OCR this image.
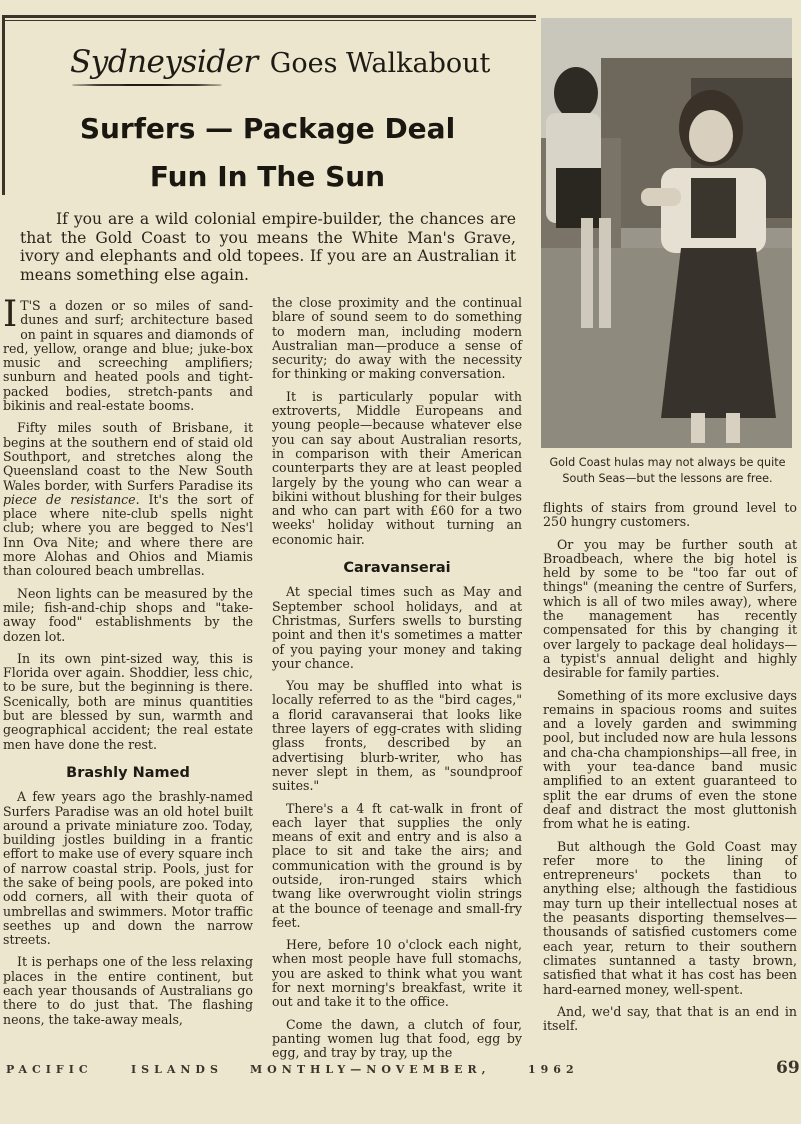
Sydneysider Goes Walkabout
Surfers — Package Deal
Fun In The Sun
If you are a wild colonial empire-builder, the chances are that the Gold Coast to you means the White Man's Grave, ivory and elephants and old topees. If you are an Australian it means something else again.

I T'S a dozen or so miles of sand-dunes and surf; architecture based on paint in squares and diamonds of red, yellow, orange and blue; juke-box music and screeching amplifiers; sunburn and heated pools and tight-packed bodies, stretch-pants and bikinis and real-estate booms.

Fifty miles south of Brisbane, it begins at the southern end of staid old Southport, and stretches along the Queensland coast to the New South Wales border, with Surfers Paradise its piece de resistance. It's the sort of place where nite-club spells night club; where you are begged to Nes'l Inn Ova Nite; and where there are more Alohas and Ohios and Miamis than coloured beach umbrellas.

Neon lights can be measured by the mile; fish-and-chip shops and "take-away food" establishments by the dozen lot.

In its own pint-sized way, this is Florida over again. Shoddier, less chic, to be sure, but the beginning is there. Scenically, both are minus quantities but are blessed by sun, warmth and geographical accident; the real estate men have done the rest.

Brashly Named

A few years ago the brashly-named Surfers Paradise was an old hotel built around a private miniature zoo. Today, building jostles building in a frantic effort to make use of every square inch of narrow coastal strip. Pools, just for the sake of being pools, are poked into odd corners, all with their quota of umbrellas and swimmers. Motor traffic seethes up and down the narrow streets.

It is perhaps one of the less relaxing places in the entire continent, but each year thousands of Australians go there to do just that. The flashing neons, the take-away meals,

the close proximity and the continual blare of sound seem to do something to modern man, including modern Australian man—produce a sense of security; do away with the necessity for thinking or making conversation.

It is particularly popular with extroverts, Middle Europeans and young people—because whatever else you can say about Australian resorts, in comparison with their American counterparts they are at least peopled largely by the young who can wear a bikini without blushing for their bulges and who can part with £60 for a two weeks' holiday without turning an economic hair.

Caravanserai

At special times such as May and September school holidays, and at Christmas, Surfers swells to bursting point and then it's sometimes a matter of you paying your money and taking your chance.

You may be shuffled into what is locally referred to as the "bird cages," a florid caravanserai that looks like three layers of egg-crates with sliding glass fronts, described by an advertising blurb-writer, who has never slept in them, as "soundproof suites."

There's a 4 ft cat-walk in front of each layer that supplies the only means of exit and entry and is also a place to sit and take the airs; and communication with the ground is by outside, iron-runged stairs which twang like overwrought violin strings at the bounce of teenage and small-fry feet.

Here, before 10 o'clock each night, when most people have full stomachs, you are asked to think what you want for next morning's breakfast, write it out and take it to the office.

Come the dawn, a clutch of four, panting women lug that food, egg by egg, and tray by tray, up the

Gold Coast hulas may not always be quite South Seas—but the lessons are free.

flights of stairs from ground level to 250 hungry customers.

Or you may be further south at Broadbeach, where the big hotel is held by some to be "too far out of things" (meaning the centre of Surfers, which is all of two miles away), where the management has recently compensated for this by changing it over largely to package deal holidays—a typist's annual delight and highly desirable for family parties.

Something of its more exclusive days remains in spacious rooms and suites and a lovely garden and swimming pool, but included now are hula lessons and cha-cha championships—all free, in with your tea-dance band music amplified to an extent guaranteed to split the ear drums of even the stone deaf and distract the most gluttonish from what he is eating.

But although the Gold Coast may refer more to the lining of entrepreneurs' pockets than to anything else; although the fastidious may turn up their intellectual noses at the peasants disporting themselves—thousands of satisfied customers come each year, return to their southern climates suntanned a tasty brown, satisfied that what it has cost has been hard-earned money, well-spent.

And, we'd say, that that is an end in itself.

PACIFIC	ISLANDS MONTHLY—NOVEMBER,	1962	69
